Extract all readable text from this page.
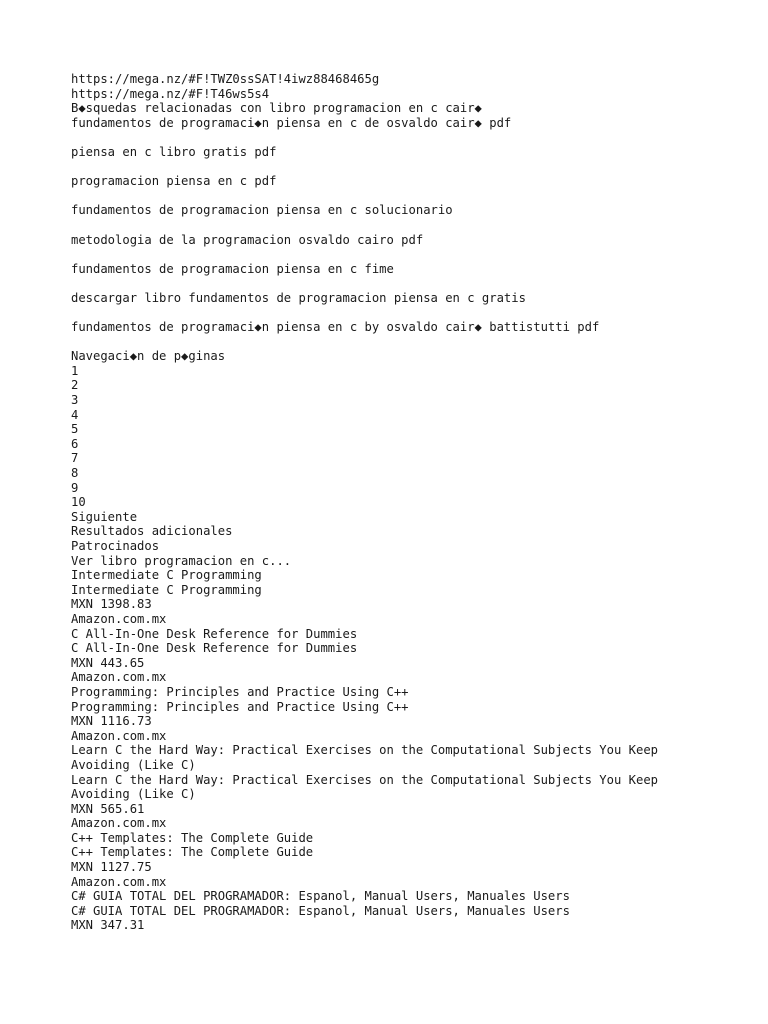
https://mega.nz/#F!TWZ0ssSAT!4iwz88468465g
https://mega.nz/#F!T46ws5s4
B◆squedas relacionadas con libro programacion en c cair◆
fundamentos de programaci◆n piensa en c de osvaldo cair◆ pdf
piensa en c libro gratis pdf
programacion piensa en c pdf
fundamentos de programacion piensa en c solucionario
metodologia de la programacion osvaldo cairo pdf
fundamentos de programacion piensa en c fime
descargar libro fundamentos de programacion piensa en c gratis
fundamentos de programaci◆n piensa en c by osvaldo cair◆ battistutti pdf
Navegaci◆n de p◆ginas
1
2
3
4
5
6
7
8
9
10
Siguiente
Resultados adicionales
Patrocinados
Ver libro programacion en c...
Intermediate C Programming
Intermediate C Programming
MXN 1398.83
Amazon.com.mx
C All-In-One Desk Reference for Dummies
C All-In-One Desk Reference for Dummies
MXN 443.65
Amazon.com.mx
Programming: Principles and Practice Using C++
Programming: Principles and Practice Using C++
MXN 1116.73
Amazon.com.mx
Learn C the Hard Way: Practical Exercises on the Computational Subjects You Keep Avoiding (Like C)
Learn C the Hard Way: Practical Exercises on the Computational Subjects You Keep Avoiding (Like C)
MXN 565.61
Amazon.com.mx
C++ Templates: The Complete Guide
C++ Templates: The Complete Guide
MXN 1127.75
Amazon.com.mx
C# GUIA TOTAL DEL PROGRAMADOR: Espanol, Manual Users, Manuales Users
C# GUIA TOTAL DEL PROGRAMADOR: Espanol, Manual Users, Manuales Users
MXN 347.31
